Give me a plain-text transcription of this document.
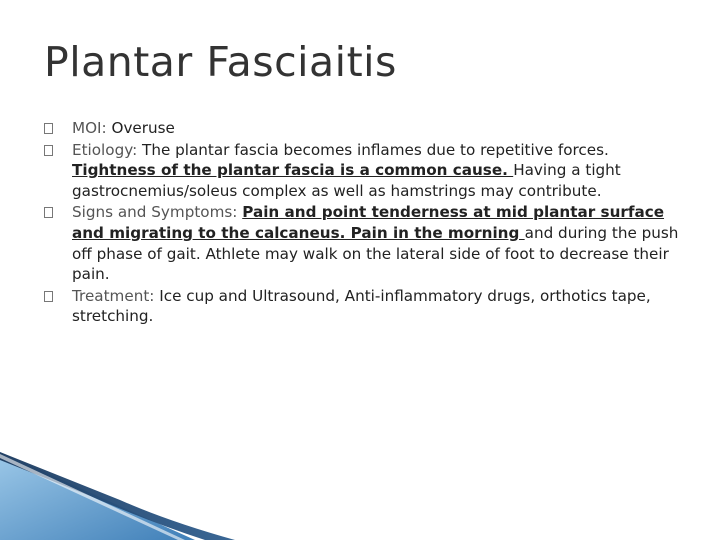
Plantar Fasciaitis
MOI: Overuse
Etiology: The plantar fascia becomes inflames due to repetitive forces. Tightness of the plantar fascia is a common cause. Having a tight gastrocnemius/soleus complex as well as hamstrings may contribute.
Signs and Symptoms: Pain and point tenderness at mid plantar surface and migrating to the calcaneus. Pain in the morning and during the push off phase of gait. Athlete may walk on the lateral side of foot to decrease their pain.
Treatment: Ice cup and Ultrasound, Anti-inflammatory drugs, orthotics tape, stretching.
